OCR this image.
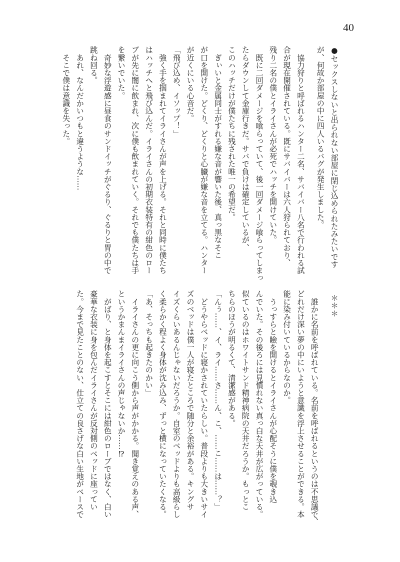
40
●セックスしないと出られない部屋に閉じ込められたみたいです
が、何故か部屋の中に四人いるバグが発生しました。
　協力狩りと呼ばれるハンター二名、サバイバー八名で行われる試
合が現在開催されている。既にサバイバーは六人狩られており、
残り二名の僕とイライさんが必死でハッチを開けていた。
　既に二回ダメージを喰らっていて、後一回ダメージ喰らってしまっ
たらダウンして金庫行きだ。サバで負けは確定しているが、
このハッチだけが僕たちに残された唯一の希望だ。
　ぎぃいと金属同士がすれる嫌な音が響いた後、真っ黒なそこ
が口を開けた。どくり、どくりと心臓が嫌な音を立てる。ハンター
が近くにいる心音だ。
「飛び込め、イソップ！」
　強く手を掴まれてイライさんが声を上げる。それと同時に僕たち
はハッチへと飛び込んだ。イライさんの初期衣装特有の紺色のロー
ブが先に闇に飲まれ、次に僕も飲まれていく。それでも僕たちは手
を繋いでいた。
　奇妙な浮遊感に昼食のサンドイッチがぐるり、ぐるりと胃の中で
跳ね回る。
　あれ、なんだかいつもと違うような……
　そこで僕は意識を失った。
＊＊＊
　誰かに名前を呼ばれている。名前を呼ばれるというのは不思議で、
どれだけ深い夢の中にいようと意識を浮上させることができる。本
能に染み付いているからなのか。
　うっすらと瞼を開けるとイライさんが心配そうに僕を覗き込
んでいた。その後ろには見慣れない真っ白な天井が広がっている。
似ているのはホワイトサンド精神病院の天井だろうか。もっとこ
ちらのほうが明るくて、清潔感がある。
「んぅ……、イ、ライ……さ……ん、こ、……こ……は……？」
　どうやらベッドに寝かされていたらしい。普段よりも大きいサイ
ズのベッドは僕一人が寝たところで随分と余裕がある。キングサ
イズくらいあるんじゃないだろうか。自室のベッドよりも高級らし
く柔らかく程よく身体が沈み込み、ずっと横になっていたくなる。
「あ、そっちも起きたのかい」
　イライさんの更に向こう側から声がかかる。聞き覚えのある声、
というかまんまイライさんの声じゃないか……⁉
　がばり、と身体を起こすとそこには紺色のローブではなく、白い
豪華な衣装に身を包んだイライさんが反対側のベッドに座ってい
た。今まで見たことのない、仕立ての良さげな白い生地がベースで
